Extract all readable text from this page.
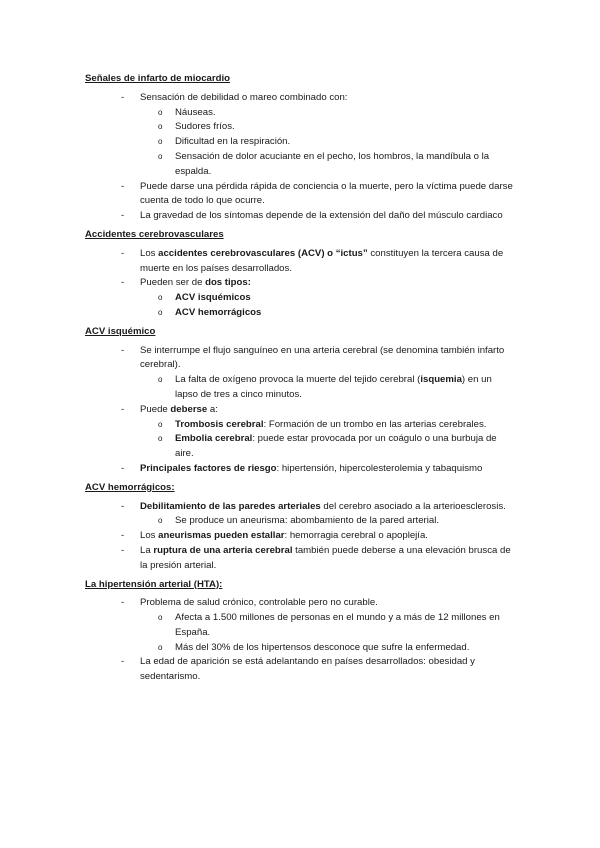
Señales de infarto de miocardio
- Sensación de debilidad o mareo combinado con:
o Náuseas.
o Sudores fríos.
o Dificultad en la respiración.
o Sensación de dolor acuciante en el pecho, los hombros, la mandíbula o la espalda.
- Puede darse una pérdida rápida de conciencia o la muerte, pero la víctima puede darse cuenta de todo lo que ocurre.
- La gravedad de los síntomas depende de la extensión del daño del músculo cardiaco
Accidentes cerebrovasculares
- Los accidentes cerebrovasculares (ACV) o “ictus” constituyen la tercera causa de muerte en los países desarrollados.
- Pueden ser de dos tipos:
o ACV isquémicos
o ACV hemorrágicos
ACV isquémico
- Se interrumpe el flujo sanguíneo en una arteria cerebral (se denomina también infarto cerebral).
o La falta de oxígeno provoca la muerte del tejido cerebral (isquemia) en un lapso de tres a cinco minutos.
- Puede deberse a:
o Trombosis cerebral: Formación de un trombo en las arterias cerebrales.
o Embolia cerebral: puede estar provocada por un coágulo o una burbuja de aire.
- Principales factores de riesgo: hipertensión, hipercolesterolemia y tabaquismo
ACV hemorrágicos:
- Debilitamiento de las paredes arteriales del cerebro asociado a la arterioesclerosis.
o Se produce un aneurisma: abombamiento de la pared arterial.
- Los aneurismas pueden estallar: hemorragia cerebral o apoplejía.
- La ruptura de una arteria cerebral también puede deberse a una elevación brusca de la presión arterial.
La hipertensión arterial (HTA):
- Problema de salud crónico, controlable pero no curable.
o Afecta a 1.500 millones de personas en el mundo y a más de 12 millones en España.
o Más del 30% de los hipertensos desconoce que sufre la enfermedad.
- La edad de aparición se está adelantando en países desarrollados: obesidad y sedentarismo.
